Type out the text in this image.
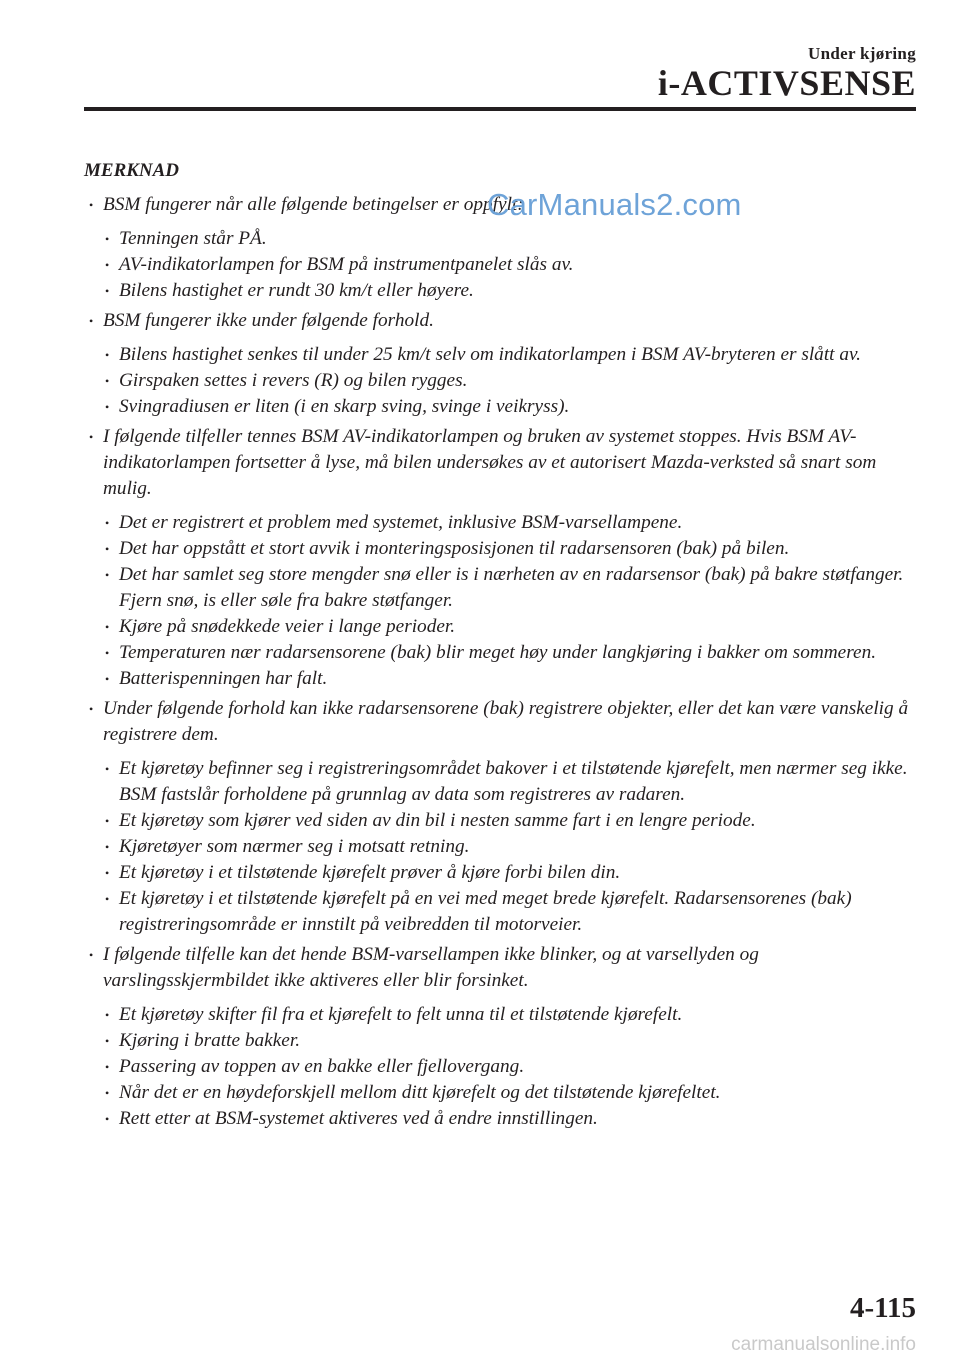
Under kjøring
i-ACTIVSENSE
MERKNAD
• BSM fungerer når alle følgende betingelser er oppfylt:
• Tenningen står PÅ.
• AV-indikatorlampen for BSM på instrumentpanelet slås av.
• Bilens hastighet er rundt 30 km/t eller høyere.
• BSM fungerer ikke under følgende forhold.
• Bilens hastighet senkes til under 25 km/t selv om indikatorlampen i BSM AV-bryteren er slått av.
• Girspaken settes i revers (R) og bilen rygges.
• Svingradiusen er liten (i en skarp sving, svinge i veikryss).
• I følgende tilfeller tennes BSM AV-indikatorlampen og bruken av systemet stoppes. Hvis BSM AV-indikatorlampen fortsetter å lyse, må bilen undersøkes av et autorisert Mazda-verksted så snart som mulig.
• Det er registrert et problem med systemet, inklusive BSM-varsellampene.
• Det har oppstått et stort avvik i monteringsposisjonen til radarsensoren (bak) på bilen.
• Det har samlet seg store mengder snø eller is i nærheten av en radarsensor (bak) på bakre støtfanger. Fjern snø, is eller søle fra bakre støtfanger.
• Kjøre på snødekkede veier i lange perioder.
• Temperaturen nær radarsensorene (bak) blir meget høy under langkjøring i bakker om sommeren.
• Batterispenningen har falt.
• Under følgende forhold kan ikke radarsensorene (bak) registrere objekter, eller det kan være vanskelig å registrere dem.
• Et kjøretøy befinner seg i registreringsområdet bakover i et tilstøtende kjørefelt, men nærmer seg ikke. BSM fastslår forholdene på grunnlag av data som registreres av radaren.
• Et kjøretøy som kjører ved siden av din bil i nesten samme fart i en lengre periode.
• Kjøretøyer som nærmer seg i motsatt retning.
• Et kjøretøy i et tilstøtende kjørefelt prøver å kjøre forbi bilen din.
• Et kjøretøy i et tilstøtende kjørefelt på en vei med meget brede kjørefelt. Radarsensorenes (bak) registreringsområde er innstilt på veibredden til motorveier.
• I følgende tilfelle kan det hende BSM-varsellampen ikke blinker, og at varsellyden og varslingsskjermbildet ikke aktiveres eller blir forsinket.
• Et kjøretøy skifter fil fra et kjørefelt to felt unna til et tilstøtende kjørefelt.
• Kjøring i bratte bakker.
• Passering av toppen av en bakke eller fjellovergang.
• Når det er en høydeforskjell mellom ditt kjørefelt og det tilstøtende kjørefeltet.
• Rett etter at BSM-systemet aktiveres ved å endre innstillingen.
CarManuals2.com
4-115
carmanualsonline.info
